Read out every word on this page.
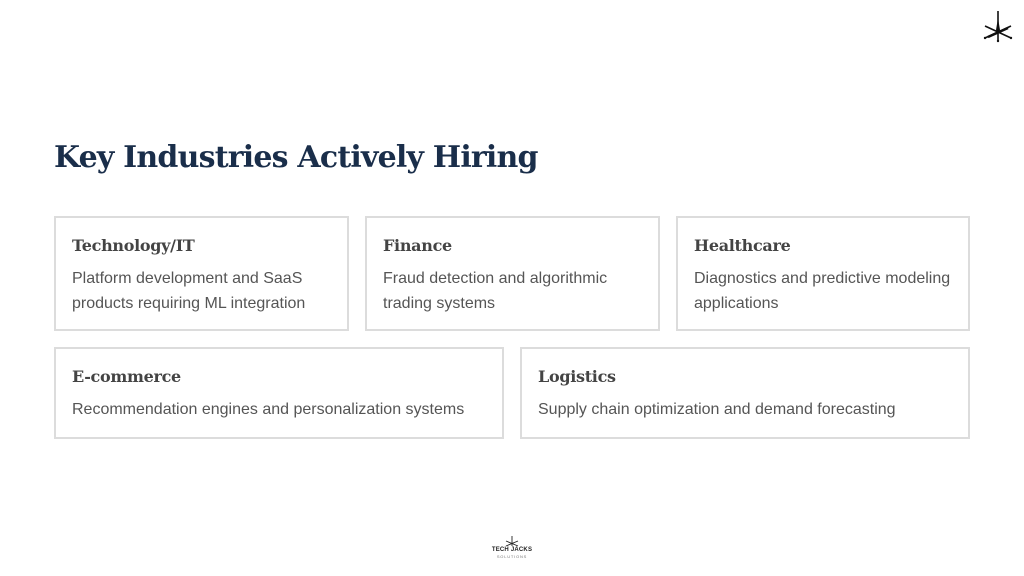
Key Industries Actively Hiring
Technology/IT

Platform development and SaaS products requiring ML integration

Finance

Fraud detection and algorithmic trading systems

Healthcare

Diagnostics and predictive modeling applications

E-commerce

Recommendation engines and personalization systems

Logistics

Supply chain optimization and demand forecasting

TECH JACKS
SOLUTIONS
